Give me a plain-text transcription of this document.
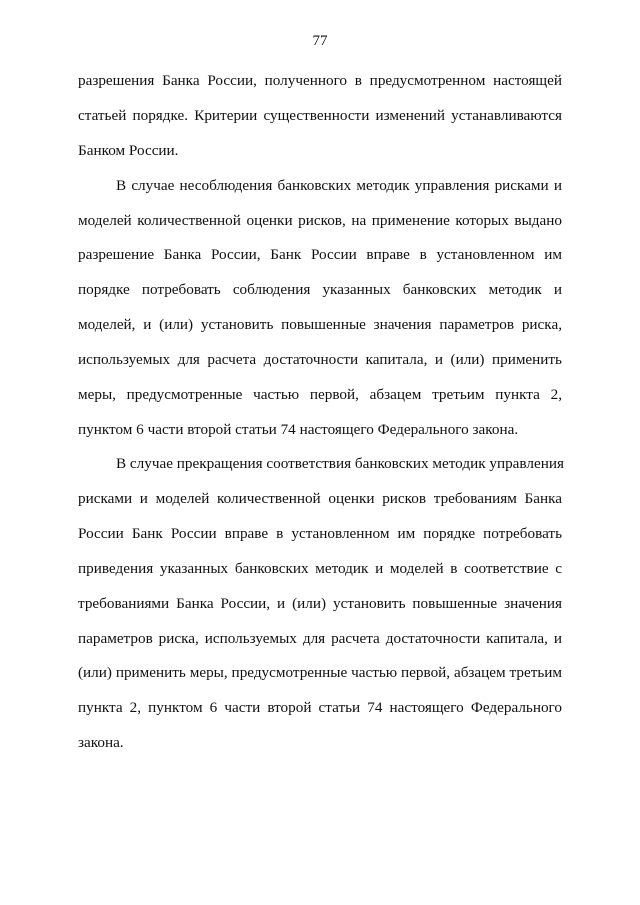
77
разрешения Банка России, полученного в предусмотренном настоящей
статьей порядке. Критерии существенности изменений устанавливаются
Банком России.
В случае несоблюдения банковских методик управления рисками и
моделей количественной оценки рисков, на применение которых выдано
разрешение Банка России, Банк России вправе в установленном им
порядке потребовать соблюдения указанных банковских методик и
моделей, и (или) установить повышенные значения параметров риска,
используемых для расчета достаточности капитала, и (или) применить
меры, предусмотренные частью первой, абзацем третьим пункта 2,
пунктом 6 части второй статьи 74 настоящего Федерального закона.
В случае прекращения соответствия банковских методик управления
рисками и моделей количественной оценки рисков требованиям Банка
России Банк России вправе в установленном им порядке потребовать
приведения указанных банковских методик и моделей в соответствие с
требованиями Банка России, и (или) установить повышенные значения
параметров риска, используемых для расчета достаточности капитала, и
(или) применить меры, предусмотренные частью первой, абзацем третьим
пункта 2, пунктом 6 части второй статьи 74 настоящего Федерального
закона.
